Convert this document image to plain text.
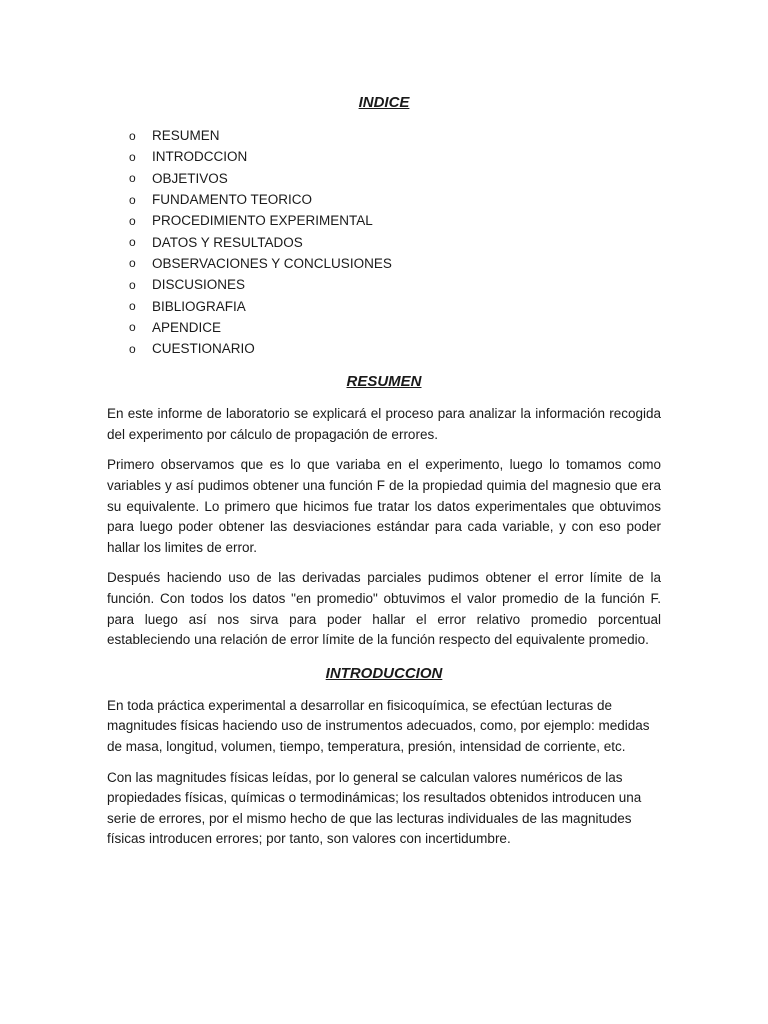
INDICE
o	RESUMEN
o	INTRODCCION
o	OBJETIVOS
o	FUNDAMENTO TEORICO
o	PROCEDIMIENTO EXPERIMENTAL
o	DATOS Y RESULTADOS
o	OBSERVACIONES Y CONCLUSIONES
o	DISCUSIONES
o	BIBLIOGRAFIA
o	APENDICE
o	CUESTIONARIO
RESUMEN

En este informe de laboratorio se explicará el proceso para analizar la información recogida del experimento por cálculo de propagación de errores.

Primero observamos que es lo que variaba en el experimento, luego lo tomamos como variables y así pudimos obtener una función F de la propiedad quimia del magnesio que era su equivalente. Lo primero que hicimos fue tratar los datos experimentales que obtuvimos para luego poder obtener las desviaciones estándar para cada variable, y con eso poder hallar los limites de error.

Después haciendo uso de las derivadas parciales pudimos obtener el error límite de la función. Con todos los datos "en promedio" obtuvimos el valor promedio de la función F. para luego así nos sirva para poder hallar el error relativo promedio porcentual estableciendo una relación de error límite de la función respecto del equivalente promedio.

INTRODUCCION

En toda práctica experimental a desarrollar en fisicoquímica, se efectúan lecturas de magnitudes físicas haciendo uso de instrumentos adecuados, como, por ejemplo: medidas de masa, longitud, volumen, tiempo, temperatura, presión, intensidad de corriente, etc.

Con las magnitudes físicas leídas, por lo general se calculan valores numéricos de las propiedades físicas, químicas o termodinámicas; los resultados obtenidos introducen una serie de errores, por el mismo hecho de que las lecturas individuales de las magnitudes físicas introducen errores; por tanto, son valores con incertidumbre.
